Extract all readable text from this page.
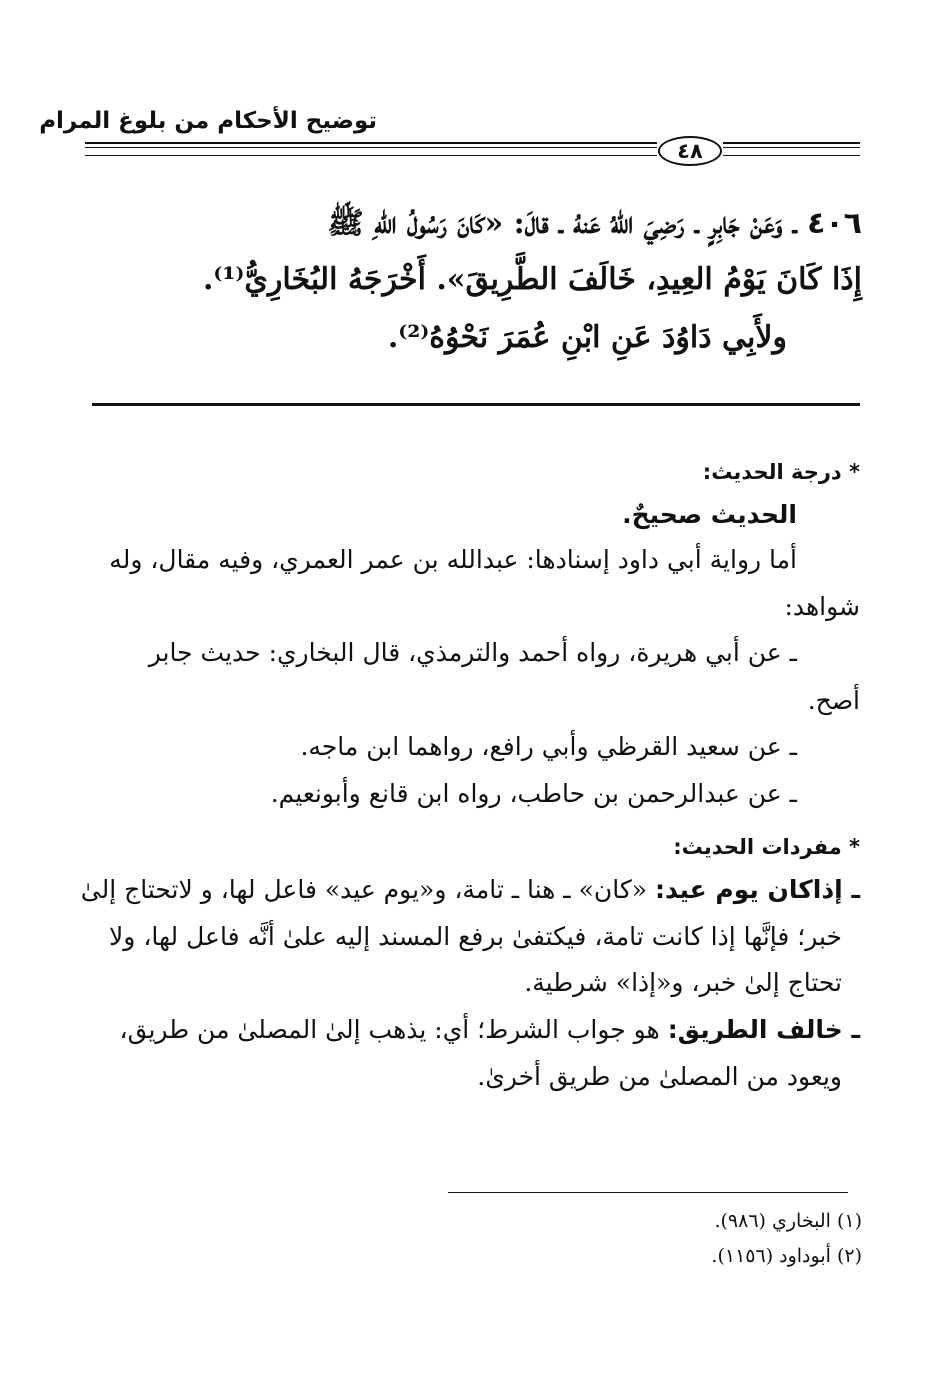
توضيح الأحكام من بلوغ المرام
٤٨
٤٠٦ ـ وَعَنْ جَابِرٍ ـ رَضِيَ اللهُ عَنهُ ـ قالَ: «كَانَ رَسُولُ اللهِ ﷺ
إِذَا كَانَ يَوْمُ العِيدِ، خَالَفَ الطَّرِيقَ». أَخْرَجَهُ البُخَارِيُّ⁽¹⁾.
ولأَبِي دَاوُدَ عَنِ ابْنِ عُمَرَ نَحْوُهُ⁽²⁾.
* درجة الحديث:
الحديث صحيحٌ.
أما رواية أبي داود إسنادها: عبدالله بن عمر العمري، وفيه مقال، وله
شواهد:
ـ عن أبي هريرة، رواه أحمد والترمذي، قال البخاري: حديث جابر
أصح.
ـ عن سعيد القرظي وأبي رافع، رواهما ابن ماجه.
ـ عن عبدالرحمن بن حاطب، رواه ابن قانع وأبونعيم.
* مفردات الحديث:
ـ إذاكان يوم عيد: «كان» ـ هنا ـ تامة، و«يوم عيد» فاعل لها، و لاتحتاج إلىٰ
خبر؛ فإنَّها إذا كانت تامة، فيكتفىٰ برفع المسند إليه علىٰ أنَّه فاعل لها، ولا
تحتاج إلىٰ خبر، و«إذا» شرطية.
ـ خالف الطريق: هو جواب الشرط؛ أي: يذهب إلىٰ المصلىٰ من طريق،
ويعود من المصلىٰ من طريق أخرىٰ.
(١) البخاري (٩٨٦).
(٢) أبوداود (١١٥٦).
